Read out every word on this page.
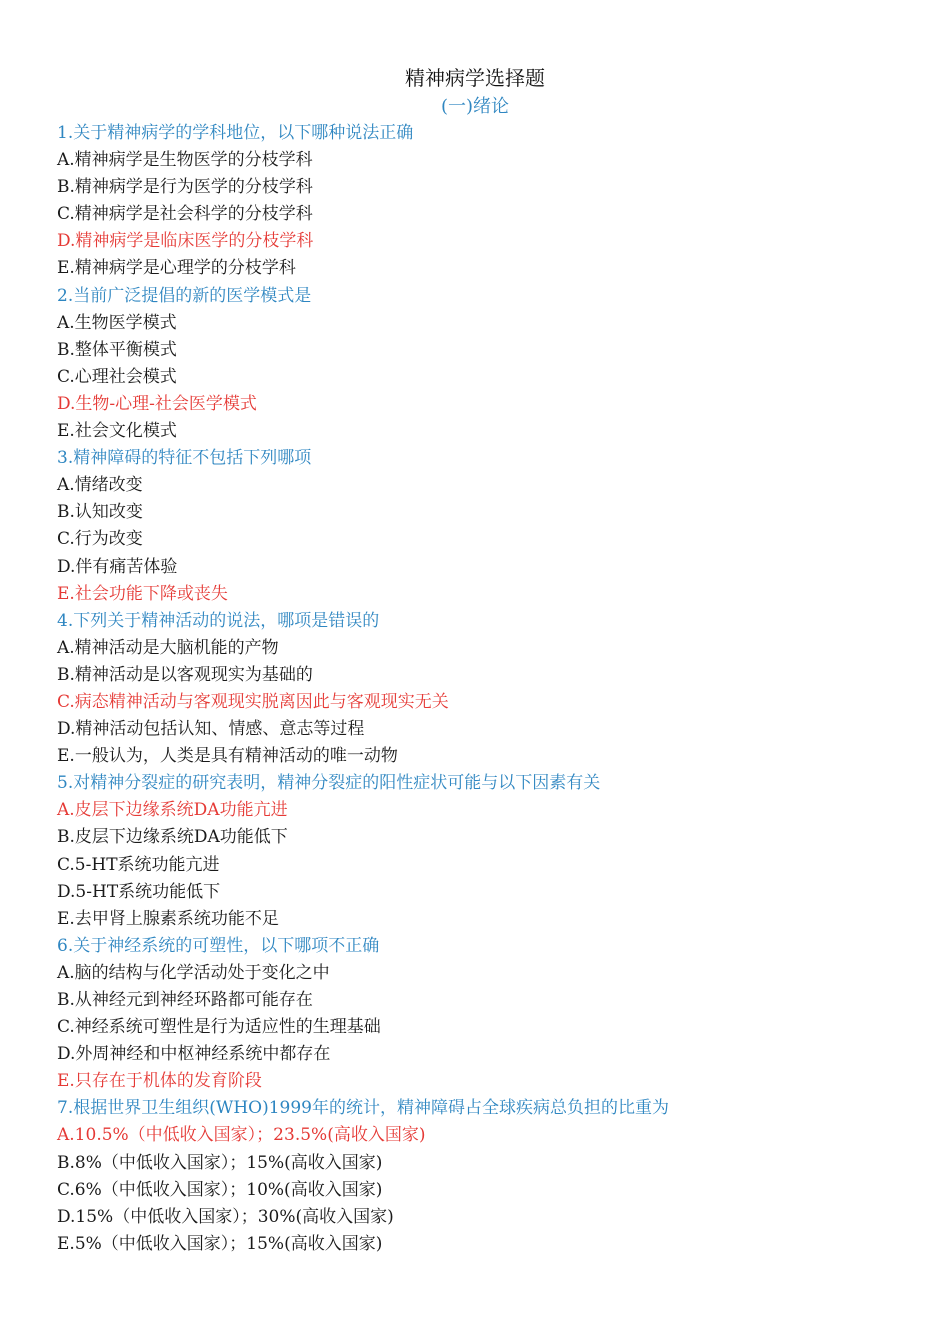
精神病学选择题
(一)绪论
1.关于精神病学的学科地位，以下哪种说法正确
A.精神病学是生物医学的分枝学科
B.精神病学是行为医学的分枝学科
C.精神病学是社会科学的分枝学科
D.精神病学是临床医学的分枝学科
E.精神病学是心理学的分枝学科
2.当前广泛提倡的新的医学模式是
A.生物医学模式
B.整体平衡模式
C.心理社会模式
D.生物-心理-社会医学模式
E.社会文化模式
3.精神障碍的特征不包括下列哪项
A.情绪改变
B.认知改变
C.行为改变
D.伴有痛苦体验
E.社会功能下降或丧失
4.下列关于精神活动的说法，哪项是错误的
A.精神活动是大脑机能的产物
B.精神活动是以客观现实为基础的
C.病态精神活动与客观现实脱离因此与客观现实无关
D.精神活动包括认知、情感、意志等过程
E.一般认为，人类是具有精神活动的唯一动物
5.对精神分裂症的研究表明，精神分裂症的阳性症状可能与以下因素有关
A.皮层下边缘系统DA功能亢进
B.皮层下边缘系统DA功能低下
C.5-HT系统功能亢进
D.5-HT系统功能低下
E.去甲肾上腺素系统功能不足
6.关于神经系统的可塑性，以下哪项不正确
A.脑的结构与化学活动处于变化之中
B.从神经元到神经环路都可能存在
C.神经系统可塑性是行为适应性的生理基础
D.外周神经和中枢神经系统中都存在
E.只存在于机体的发育阶段
7.根据世界卫生组织(WHO)1999年的统计，精神障碍占全球疾病总负担的比重为
A.10.5%（中低收入国家）；23.5%(高收入国家)
B.8%（中低收入国家）；15%(高收入国家)
C.6%（中低收入国家）；10%(高收入国家)
D.15%（中低收入国家）；30%(高收入国家)
E.5%（中低收入国家）；15%(高收入国家)
